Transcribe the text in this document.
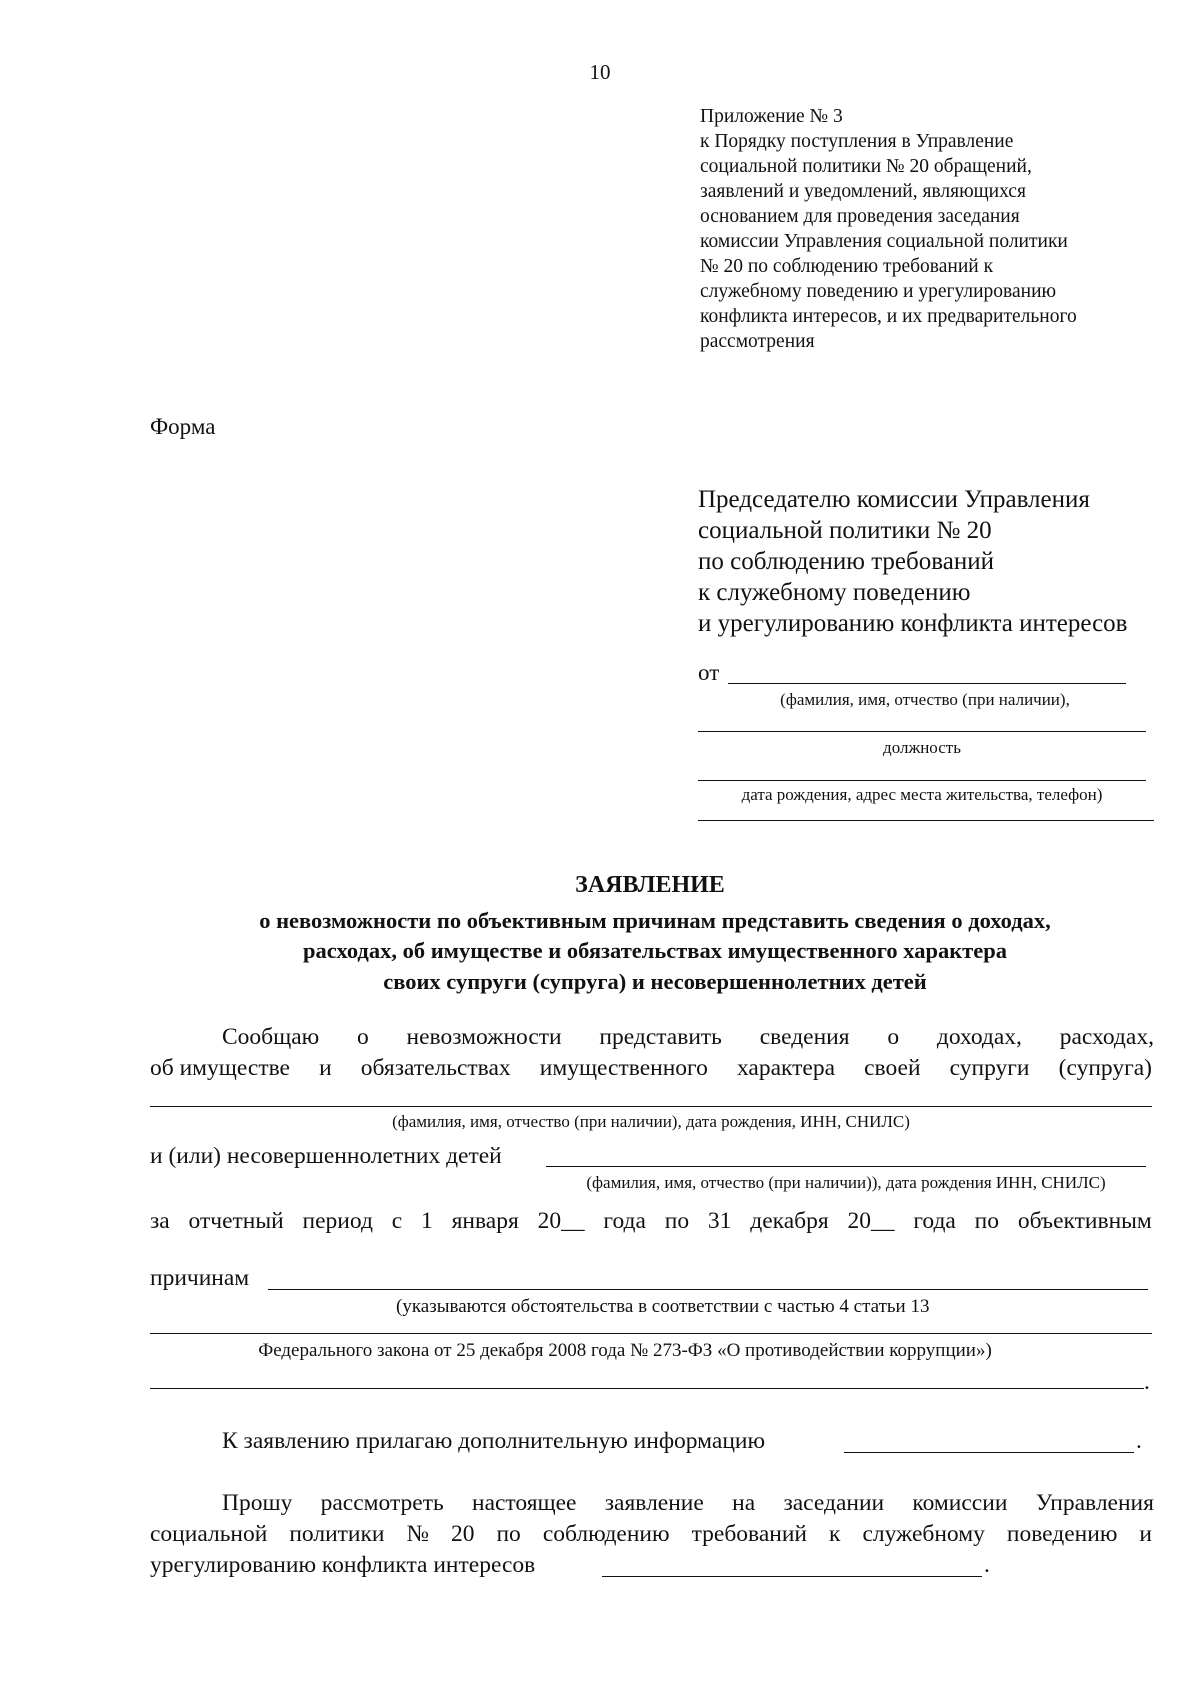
10
Приложение № 3
к Порядку поступления в Управление
социальной политики № 20 обращений,
заявлений и уведомлений, являющихся
основанием для проведения заседания
комиссии Управления социальной политики
№ 20 по соблюдению требований к
служебному поведению и урегулированию
конфликта интересов, и их предварительного
рассмотрения
Форма
Председателю комиссии Управления
социальной политики № 20
по соблюдению требований
к служебному поведению
и урегулированию конфликта интересов
от
(фамилия, имя, отчество (при наличии),
должность
дата рождения, адрес места жительства, телефон)
ЗАЯВЛЕНИЕ
о невозможности по объективным причинам представить сведения о доходах,
расходах, об имуществе и обязательствах имущественного характера
своих супруги (супруга) и несовершеннолетних детей
Сообщаю о невозможности представить сведения о доходах, расходах,
об имуществе и обязательствах имущественного характера своей супруги (супруга)
(фамилия, имя, отчество (при наличии), дата рождения, ИНН, СНИЛС)
и (или) несовершеннолетних детей
(фамилия, имя, отчество (при наличии)), дата рождения ИНН, СНИЛС)
за отчетный период с 1 января 20__ года по 31 декабря 20__ года по объективным
причинам
(указываются обстоятельства в соответствии с частью 4 статьи 13
Федерального закона от 25 декабря 2008 года № 273-ФЗ «О противодействии коррупции»)
.
К заявлению прилагаю дополнительную информацию	.
Прошу рассмотреть настоящее заявление на заседании комиссии Управления
социальной политики № 20 по соблюдению требований к служебному поведению и
урегулированию конфликта интересов	.
